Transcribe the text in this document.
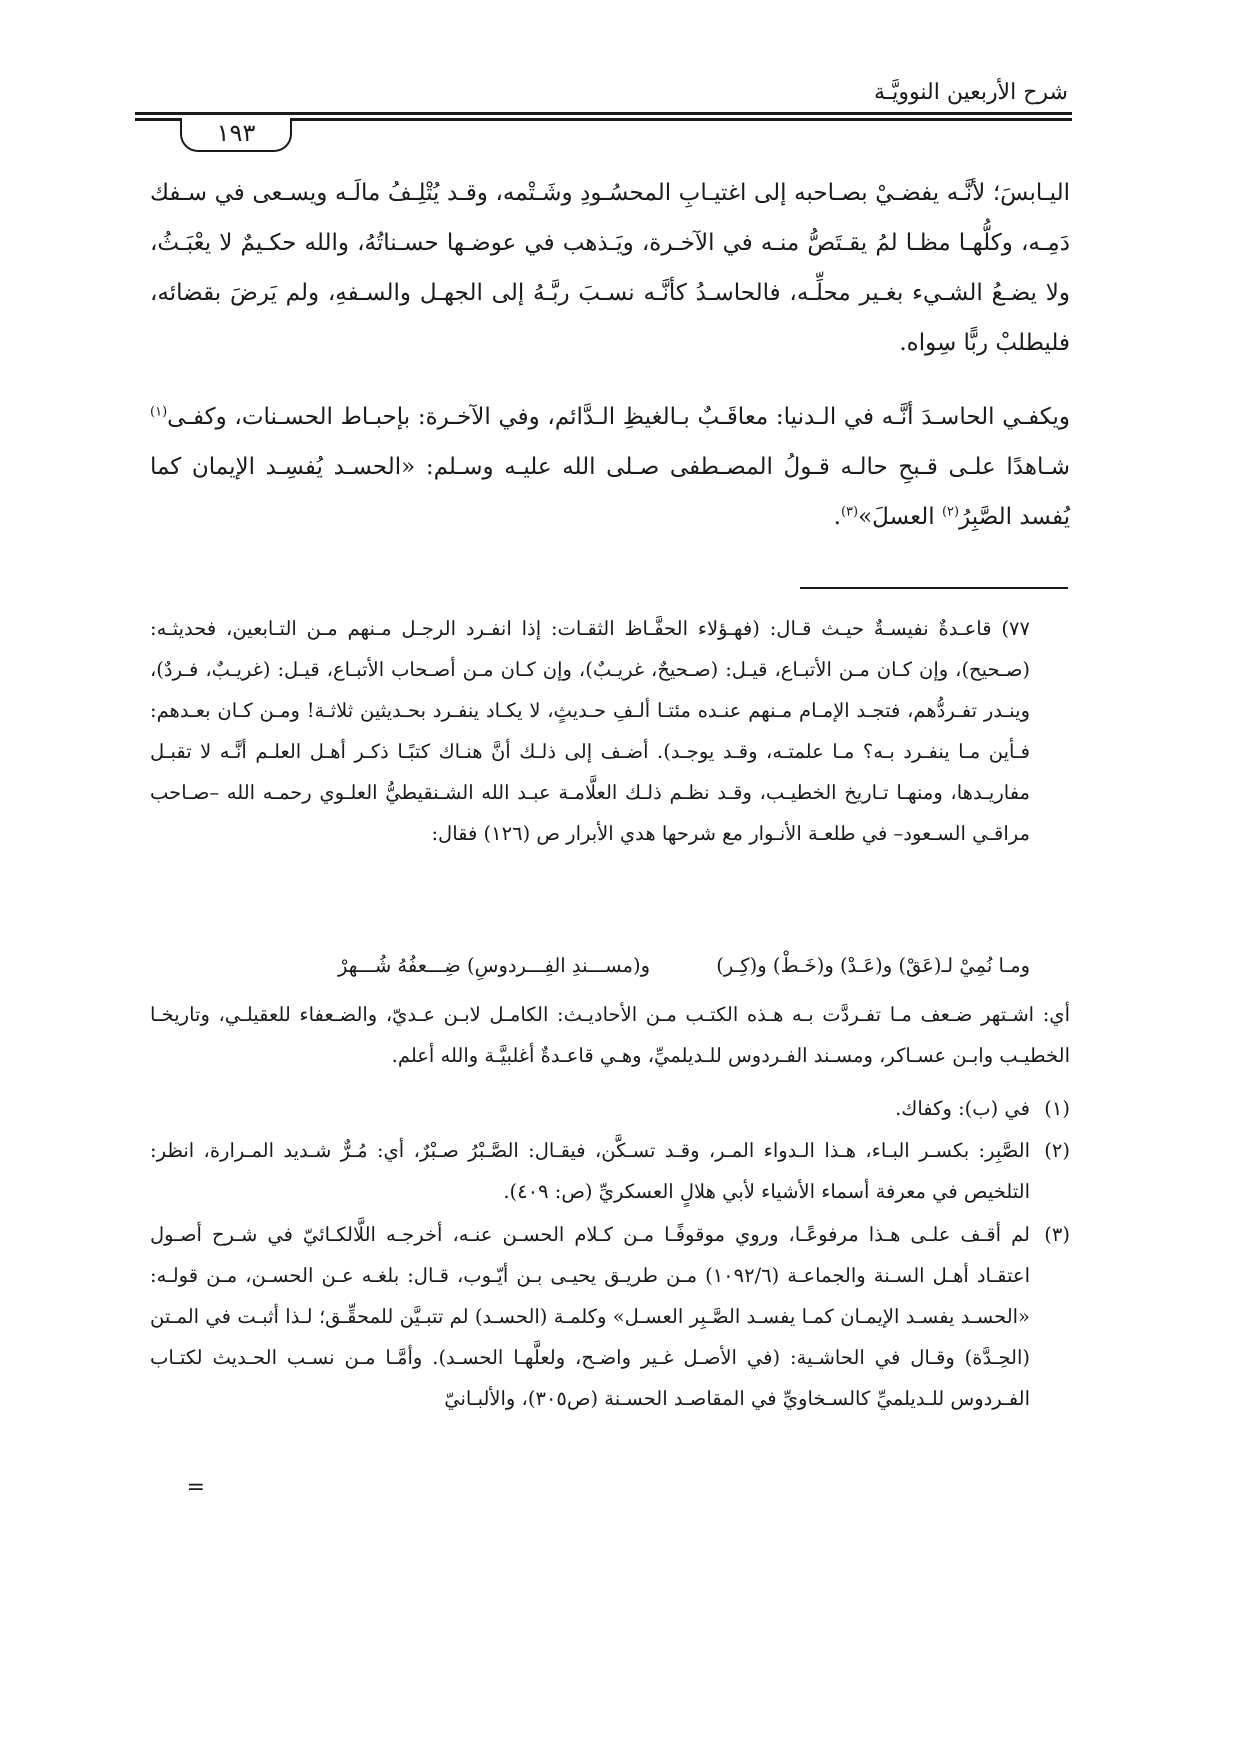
شرح الأربعين النوويَّـة
١٩٣
اليـابسَ؛ لأنَّـه يفضـيْ بصـاحبه إلى اغتيـابِ المحسُـودِ وشَـتْمه، وقـد يُتْلِـفُ مالَـه ويسـعى في سـفك دَمِـه، وكلُّهـا مظـا لمُ يقـتَصُّ منـه في الآخـرة، ويَـذهب في عوضـها حسـناتُهُ، والله حكـيمٌ لا يعْبَـثُ، ولا يضـعُ الشـيء بغـير محلِّـه، فالحاسـدُ كأنَّـه نسـبَ ربَّـهُ إلى الجهـل والسـفهِ، ولم يَرضَ بقضائه، فليطلبْ ربًّا سِواه.
ويكفـي الحاسـدَ أنَّـه في الـدنيا: معاقَـبٌ بـالغيظِ الـدَّائم، وفي الآخـرة: بإحبـاط الحسـنات، وكفـى$^{(١)}$ شـاهدًا علـى قـبحِ حالـه قـولُ المصـطفى صـلى الله عليـه وسـلم: «الحسـد يُفسِـد الإيمان كما يُفسد الصَّبِرُ$^{(٢)}$ العسلَ»$^{(٣)}$.
٧٧) قاعـدةٌ نفيسـةٌ حيـث قـال: (فهـؤلاء الحفَّـاظ الثقـات: إذا انفـرد الرجـل مـنهم مـن التـابعين، فحديثـه: (صـحيح)، وإن كـان مـن الأتبـاع، قيـل: (صـحيحٌ، غريـبٌ)، وإن كـان مـن أصـحاب الأتبـاع، قيـل: (غريـبٌ، فـردٌ)، وينـدر تفـردُّهم، فتجـد الإمـام مـنهم عنـده مئتـا ألـفِ حـديثٍ، لا يكـاد ينفـرد بحـديثين ثلاثـة! ومـن كـان بعـدهم: فـأين مـا ينفـرد بـه؟ مـا علمتـه، وقـد يوجـد). أضـف إلى ذلـك أنَّ هنـاك كتبًـا ذكـر أهـل العلـم أنَّـه لا تقبـل مفاريـدها، ومنهـا تـاريخ الخطيـب، وقـد نظـم ذلـك العلَّامـة عبـد الله الشـنقيطيُّ العلـوي رحمـه الله –صـاحب مراقـي السـعود– في طلعـة الأنـوار مع شرحها هدي الأبرار ص (١٢٦) فقال:
ومـا نُمِيْ لـ(عَقْ) و(عَـدْ) و(خَـطْ) و(كِـر)
و(مســـندِ الفِـــردوسِ) ضِـــعفُهُ شُـــهرْ
أي: اشـتهر ضـعف مـا تفـردَّت بـه هـذه الكتـب مـن الأحاديـث: الكامـل لابـن عـديّ، والضـعفاء للعقيلـي، وتاريخـا الخطيـب وابـن عسـاكر، ومسـند الفـردوس للـديلميِّ، وهـي قاعـدةٌ أغلبيَّـة والله أعلم.
(١)
في (ب): وكفاك.
(٢)
الصَّبِر: بكسـر البـاء، هـذا الـدواء المـر، وقـد تسـكَّن، فيقـال: الصَّـبْرُ صـبْرٌ، أي: مُـرٌّ شـديد المـرارة، انظر: التلخيص في معرفة أسماء الأشياء لأبي هلالٍ العسكريِّ (ص: ٤٠٩).
(٣)
لم أقـف علـى هـذا مرفوعًـا، وروي موقوفًـا مـن كـلام الحسـن عنـه، أخرجـه اللَّالكـائيّ في شـرح أصـول اعتقـاد أهـل السـنة والجماعـة (١٠٩٢/٦) مـن طريـق يحيـى بـن أيّـوب، قـال: بلغـه عـن الحسـن، مـن قولـه: «الحسـد يفسـد الإيمـان كمـا يفسـد الصَّـبِر العسـل» وكلمـة (الحسـد) لم تتبـيَّن للمحقِّـق؛ لـذا أثبـت في المـتن (الحِـدَّة) وقـال في الحاشـية: (في الأصـل غـير واضـح، ولعلَّهـا الحسـد). وأمَّـا مـن نسـب الحـديث لكتـاب الفـردوس للـديلميِّ كالسـخاويِّ في المقاصـد الحسـنة (ص٣٠٥)، والألبـانيّ
=
